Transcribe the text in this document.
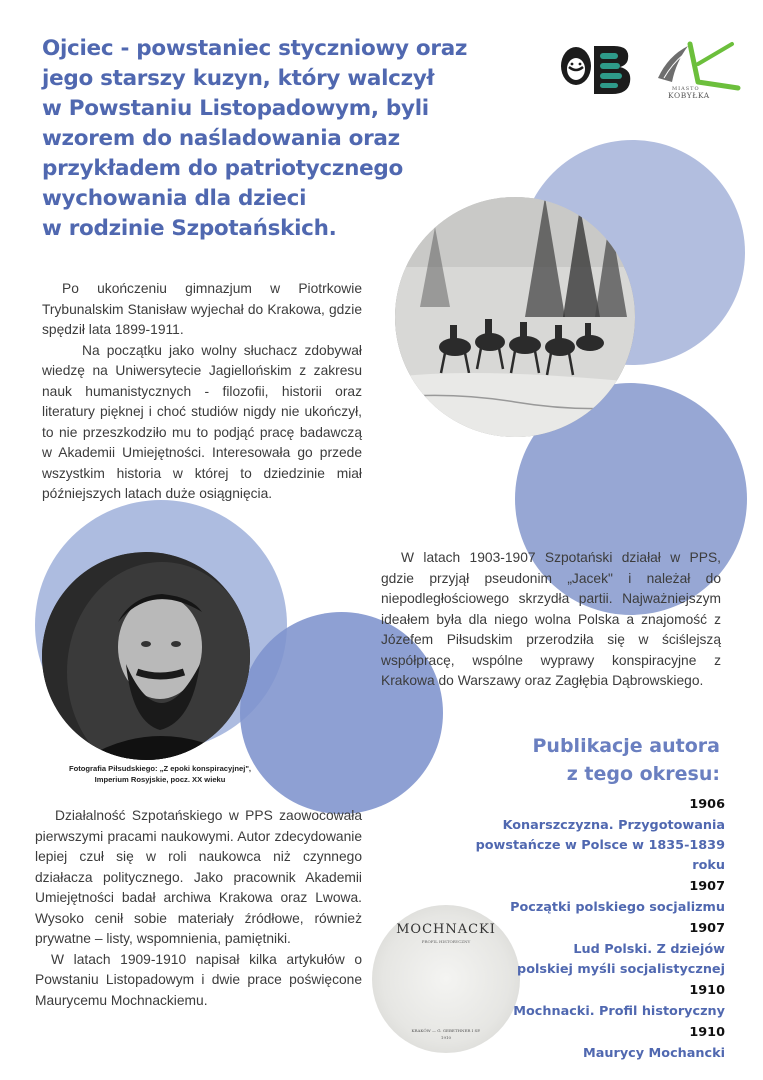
Ojciec - powstaniec styczniowy oraz
jego starszy kuzyn, który walczył
w Powstaniu Listopadowym, byli
wzorem do naśladowania oraz
przykładem do patriotycznego
wychowania dla dzieci
w rodzinie Szpotańskich.
B
MIASTO
KOBYŁKA
MOCHNACKI
PROFIL HISTORYCZNY
KRAKÓW — G. GEBETHNER I SP.
1910

Po ukończeniu gimnazjum w Piotrkowie Trybunalskim Stanisław wyjechał do Krakowa, gdzie spędził lata 1899-1911.

Na początku jako wolny słuchacz zdobywał wiedzę na Uniwersytecie Jagiellońskim z zakresu nauk humanistycznych - filozofii, historii oraz literatury pięknej i choć studiów nigdy nie ukończył, to nie przeszkodziło mu to podjąć pracę badawczą w Akademii Umiejętności. Interesowała go przede wszystkim historia w której to dziedzinie miał późniejszych latach duże osiągnięcia.

W latach 1903-1907 Szpotański działał w PPS, gdzie przyjął pseudonim „Jacek" i należał do niepodległościowego skrzydła partii. Najważniejszym ideałem była dla niego wolna Polska a znajomość z Józefem Piłsudskim przerodziła się w ściślejszą współpracę, wspólne wyprawy konspiracyjne z Krakowa do Warszawy oraz Zagłębia Dąbrowskiego.

Działalność Szpotańskiego w PPS zaowocowała pierwszymi pracami naukowymi. Autor zdecydowanie lepiej czuł się w roli naukowca niż czynnego działacza politycznego. Jako pracownik Akademii Umiejętności badał archiwa Krakowa oraz Lwowa. Wysoko cenił sobie materiały źródłowe, również prywatne – listy, wspomnienia, pamiętniki.

W latach 1909-1910 napisał kilka artykułów o Powstaniu Listopadowym i dwie prace poświęcone Maurycemu Mochnackiemu.

Fotografia Piłsudskiego: „Z epoki konspiracyjnej",
Imperium Rosyjskie, pocz. XX wieku

Publikacje autora
z tego okresu:
1906
Konarszczyzna. Przygotowania powstańcze w Polsce w 1835-1839 roku
1907
Początki polskiego socjalizmu
1907
Lud Polski. Z dziejów polskiej myśli socjalistycznej
1910
Mochnacki. Profil historyczny
1910
Maurycy Mochancki
